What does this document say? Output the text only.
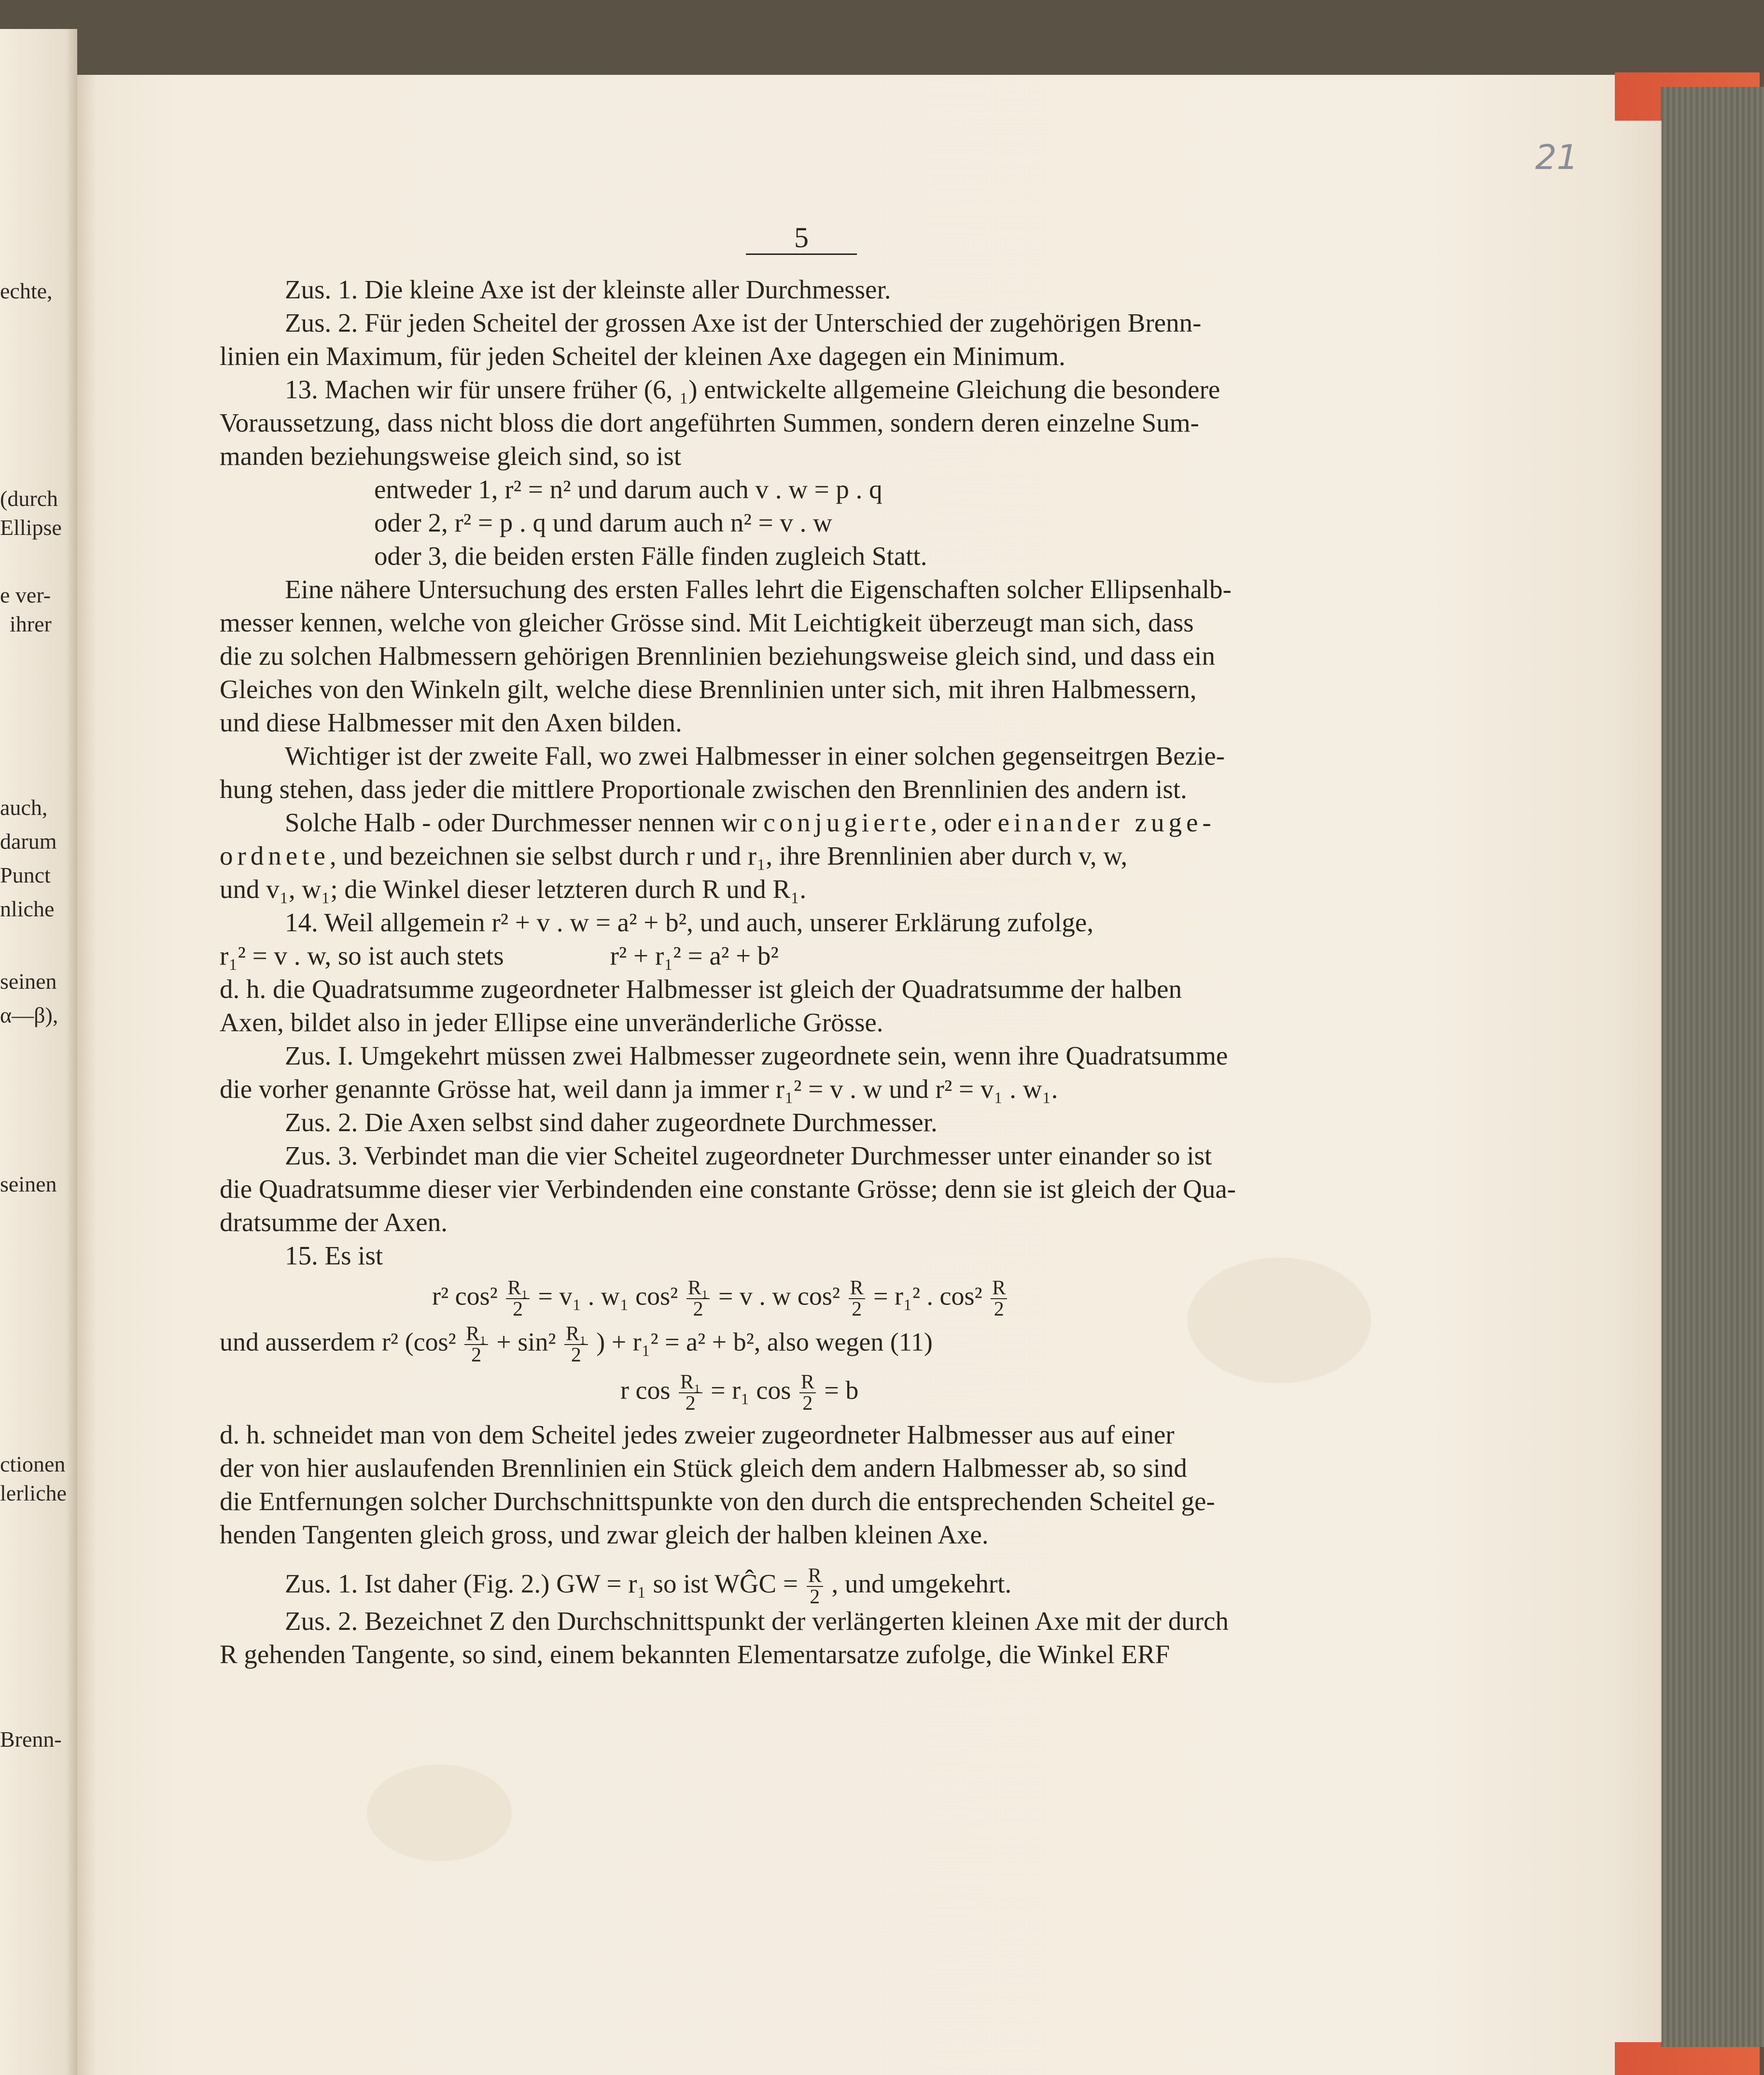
echte,
(durch
Ellipse
e ver-
ihrer
auch,
darum
Punct
nliche
seinen
α—β),
seinen
ctionen
lerliche
Brenn-
21
5
Zus. 1. Die kleine Axe ist der kleinste aller Durchmesser.
Zus. 2. Für jeden Scheitel der grossen Axe ist der Unterschied der zugehörigen Brenn-
linien ein Maximum, für jeden Scheitel der kleinen Axe dagegen ein Minimum.
13. Machen wir für unsere früher (6, ₁) entwickelte allgemeine Gleichung die besondere
Voraussetzung, dass nicht bloss die dort angeführten Summen, sondern deren einzelne Sum-
manden beziehungsweise gleich sind, so ist
entweder 1, r² = n² und darum auch v . w = p . q
oder 2, r² = p . q und darum auch n² = v . w
oder 3, die beiden ersten Fälle finden zugleich Statt.
Eine nähere Untersuchung des ersten Falles lehrt die Eigenschaften solcher Ellipsenhalb-
messer kennen, welche von gleicher Grösse sind. Mit Leichtigkeit überzeugt man sich, dass
die zu solchen Halbmessern gehörigen Brennlinien beziehungsweise gleich sind, und dass ein
Gleiches von den Winkeln gilt, welche diese Brennlinien unter sich, mit ihren Halbmessern,
und diese Halbmesser mit den Axen bilden.
Wichtiger ist der zweite Fall, wo zwei Halbmesser in einer solchen gegenseitrgen Bezie-
hung stehen, dass jeder die mittlere Proportionale zwischen den Brennlinien des andern ist.
Solche Halb - oder Durchmesser nennen wir conjugierte, oder einander zuge-
ordnete, und bezeichnen sie selbst durch r und r₁, ihre Brennlinien aber durch v, w,
und v₁, w₁; die Winkel dieser letzteren durch R und R₁.
14. Weil allgemein r² + v . w = a² + b², und auch, unserer Erklärung zufolge,
r₁² = v . w, so ist auch stets                r² + r₁² = a² + b²
d. h. die Quadratsumme zugeordneter Halbmesser ist gleich der Quadratsumme der halben
Axen, bildet also in jeder Ellipse eine unveränderliche Grösse.
Zus. I. Umgekehrt müssen zwei Halbmesser zugeordnete sein, wenn ihre Quadratsumme
die vorher genannte Grösse hat, weil dann ja immer r₁² = v . w und r² = v₁ . w₁.
Zus. 2. Die Axen selbst sind daher zugeordnete Durchmesser.
Zus. 3. Verbindet man die vier Scheitel zugeordneter Durchmesser unter einander so ist
die Quadratsumme dieser vier Verbindenden eine constante Grösse; denn sie ist gleich der Qua-
dratsumme der Axen.
15. Es ist
r² $\cos^2 \frac{\text{R₁}}{2} = v_1$ . w₁ $\cos^2 \frac{\text{R₁}}{2} = v$ . w $\cos^2 \frac{R}{2} = r_1^2$ . $\cos^2 \frac{R}{2}$
und ausserdem r² ($\cos^2 \frac{\text{R₁}}{2} + \sin^2 \frac{\text{R₁}}{2}$ ) + r₁² = a² + b², also wegen (11)
r $\cos \frac{\text{R₁}}{2} = r_1$ $\cos \frac{R}{2} = b$
d. h. schneidet man von dem Scheitel jedes zweier zugeordneter Halbmesser aus auf einer
der von hier auslaufenden Brennlinien ein Stück gleich dem andern Halbmesser ab, so sind
die Entfernungen solcher Durchschnittspunkte von den durch die entsprechenden Scheitel ge-
henden Tangenten gleich gross, und zwar gleich der halben kleinen Axe.
Zus. 1. Ist daher (Fig. 2.) GW = r₁ so ist WĜC = $\frac{R}{2}$ , und umgekehrt.
Zus. 2. Bezeichnet Z den Durchschnittspunkt der verlängerten kleinen Axe mit der durch
R gehenden Tangente, so sind, einem bekannten Elementarsatze zufolge, die Winkel ERF
